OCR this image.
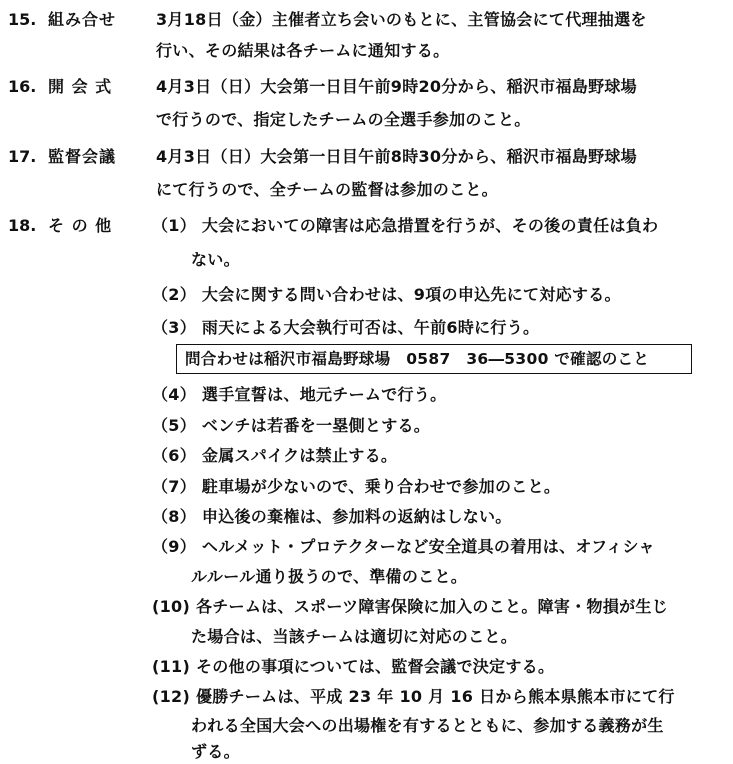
15. 組み合せ 3月18日（金）主催者立ち会いのもとに、主管協会にて代理抽選を
行い、その結果は各チームに通知する。
16. 開 会 式	4月3日（日）大会第一日目午前9時20分から、稲沢市福島野球場
で行うので、指定したチームの全選手参加のこと。
17. 監督会議 4月3日（日）大会第一日目午前8時30分から、稲沢市福島野球場
にて行うので、全チームの監督は参加のこと。
18. そ の 他 （1） 大会においての障害は応急措置を行うが、その後の責任は負わ
ない。
（2） 大会に関する問い合わせは、9項の申込先にて対応する。
（3） 雨天による大会執行可否は、午前6時に行う。
問合わせは稲沢市福島野球場　0587　36―5300 で確認のこと
（4） 選手宣誓は、地元チームで行う。
（5） ベンチは若番を一塁側とする。
（6） 金属スパイクは禁止する。
（7） 駐車場が少ないので、乗り合わせで参加のこと。
（8） 申込後の棄権は、参加料の返納はしない。
（9） ヘルメット・プロテクターなど安全道具の着用は、オフィシャ
ルルール通り扱うので、準備のこと。
(10) 各チームは、スポーツ障害保険に加入のこと。障害・物損が生じ
た場合は、当該チームは適切に対応のこと。
(11) その他の事項については、監督会議で決定する。
(12) 優勝チームは、平成 23 年 10 月 16 日から熊本県熊本市にて行
われる全国大会への出場権を有するとともに、参加する義務が生
ずる。
